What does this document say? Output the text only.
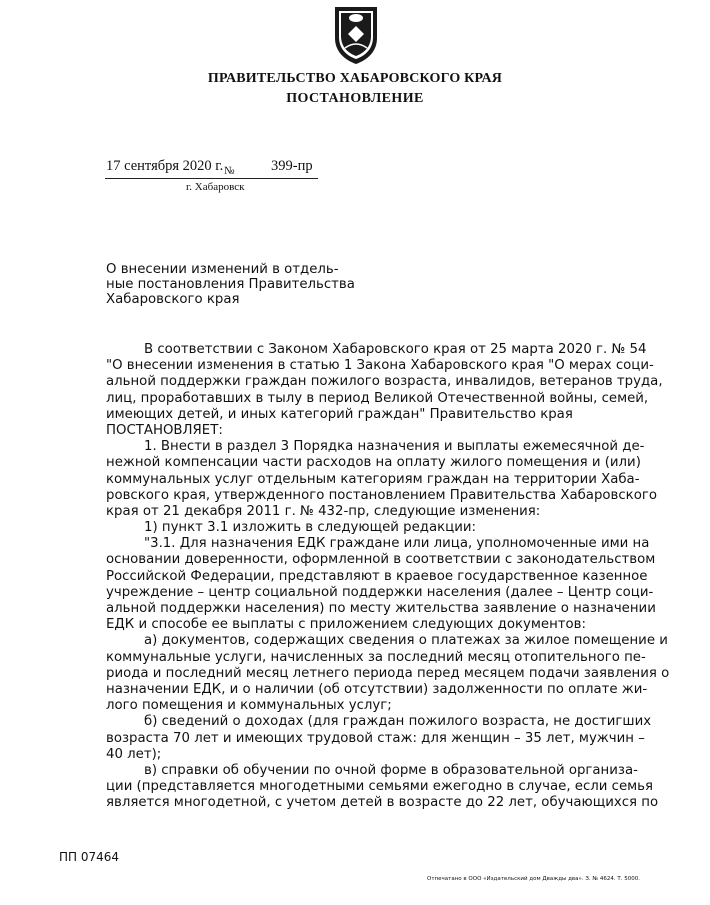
ПРАВИТЕЛЬСТВО ХАБАРОВСКОГО КРАЯ
ПОСТАНОВЛЕНИЕ
17 сентября 2020 г. №	399-пр
г. Хабаровск
О внесении изменений в отдель-
ные постановления Правительства
Хабаровского края
В соответствии с Законом Хабаровского края от 25 марта 2020 г. № 54
"О внесении изменения в статью 1 Закона Хабаровского края "О мерах соци-
альной поддержки граждан пожилого возраста, инвалидов, ветеранов труда,
лиц, проработавших в тылу в период Великой Отечественной войны, семей,
имеющих детей, и иных категорий граждан" Правительство края
ПОСТАНОВЛЯЕТ:
1. Внести в раздел 3 Порядка назначения и выплаты ежемесячной де-
нежной компенсации части расходов на оплату жилого помещения и (или)
коммунальных услуг отдельным категориям граждан на территории Хаба-
ровского края, утвержденного постановлением Правительства Хабаровского
края от 21 декабря 2011 г. № 432-пр, следующие изменения:
1) пункт 3.1 изложить в следующей редакции:
"3.1. Для назначения ЕДК граждане или лица, уполномоченные ими на
основании доверенности, оформленной в соответствии с законодательством
Российской Федерации, представляют в краевое государственное казенное
учреждение – центр социальной поддержки населения (далее – Центр соци-
альной поддержки населения) по месту жительства заявление о назначении
ЕДК и способе ее выплаты с приложением следующих документов:
а) документов, содержащих сведения о платежах за жилое помещение и
коммунальные услуги, начисленных за последний месяц отопительного пе-
риода и последний месяц летнего периода перед месяцем подачи заявления о
назначении ЕДК, и о наличии (об отсутствии) задолженности по оплате жи-
лого помещения и коммунальных услуг;
б) сведений о доходах (для граждан пожилого возраста, не достигших
возраста 70 лет и имеющих трудовой стаж: для женщин – 35 лет, мужчин –
40 лет);
в) справки об обучении по очной форме в образовательной организа-
ции (представляется многодетными семьями ежегодно в случае, если семья
является многодетной, с учетом детей в возрасте до 22 лет, обучающихся по
ПП 07464
Отпечатано в ООО «Издательский дом Дважды два». З. № 4624. Т. 5000.
